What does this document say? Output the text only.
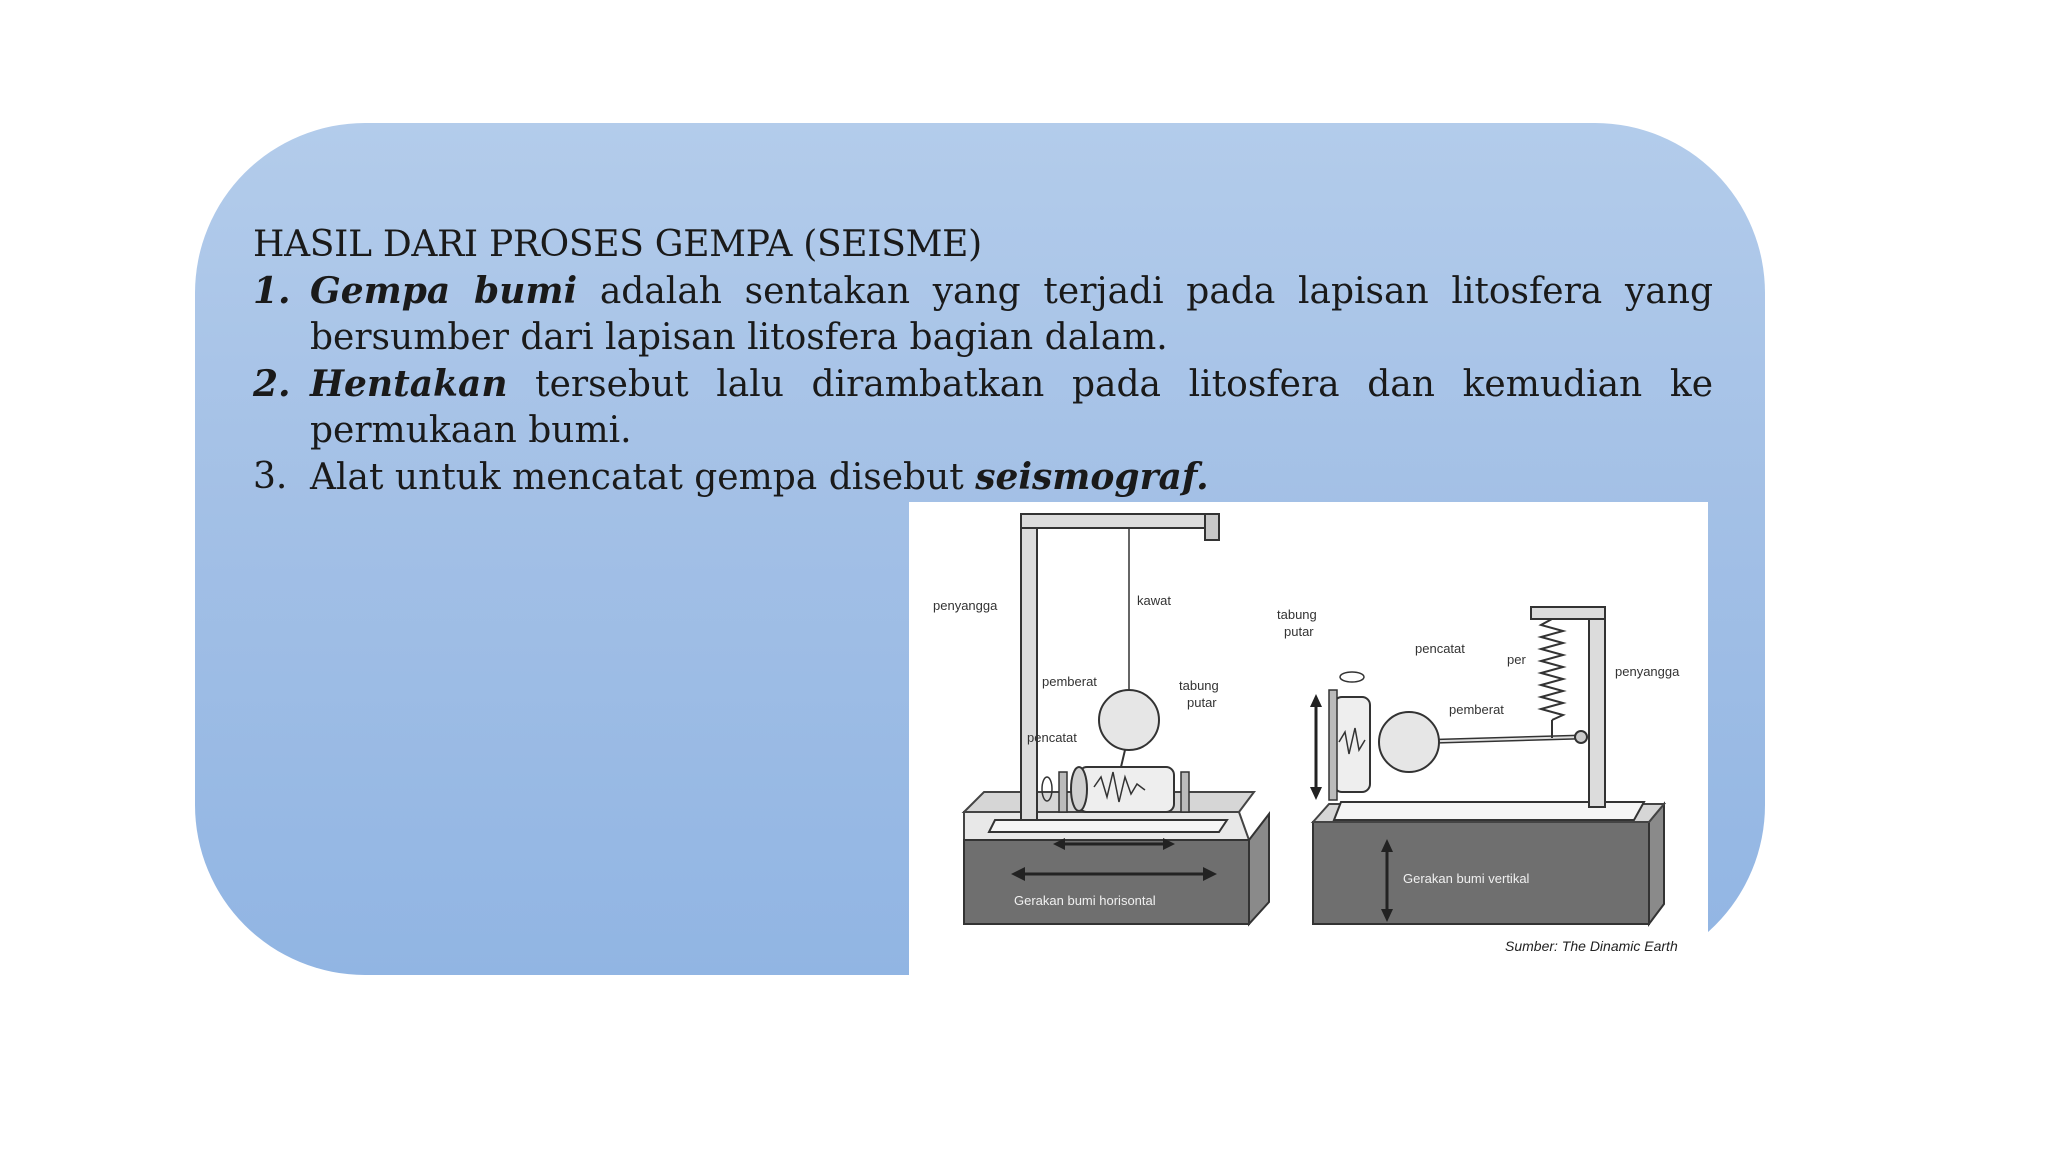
HASIL DARI PROSES GEMPA (SEISME)
1. Gempa bumi adalah sentakan yang terjadi pada lapisan litosfera yang bersumber dari lapisan litosfera bagian dalam.
2. Hentakan tersebut lalu dirambatkan pada litosfera dan kemudian ke permukaan bumi.
3. Alat untuk mencatat gempa disebut seismograf.
penyangga	kawat
pemberat	tabung
putar
pencatat
Gerakan bumi horisontal
tabung
putar
pencatat
per
penyangga
pemberat
Gerakan bumi vertikal
Sumber: The Dinamic Earth
